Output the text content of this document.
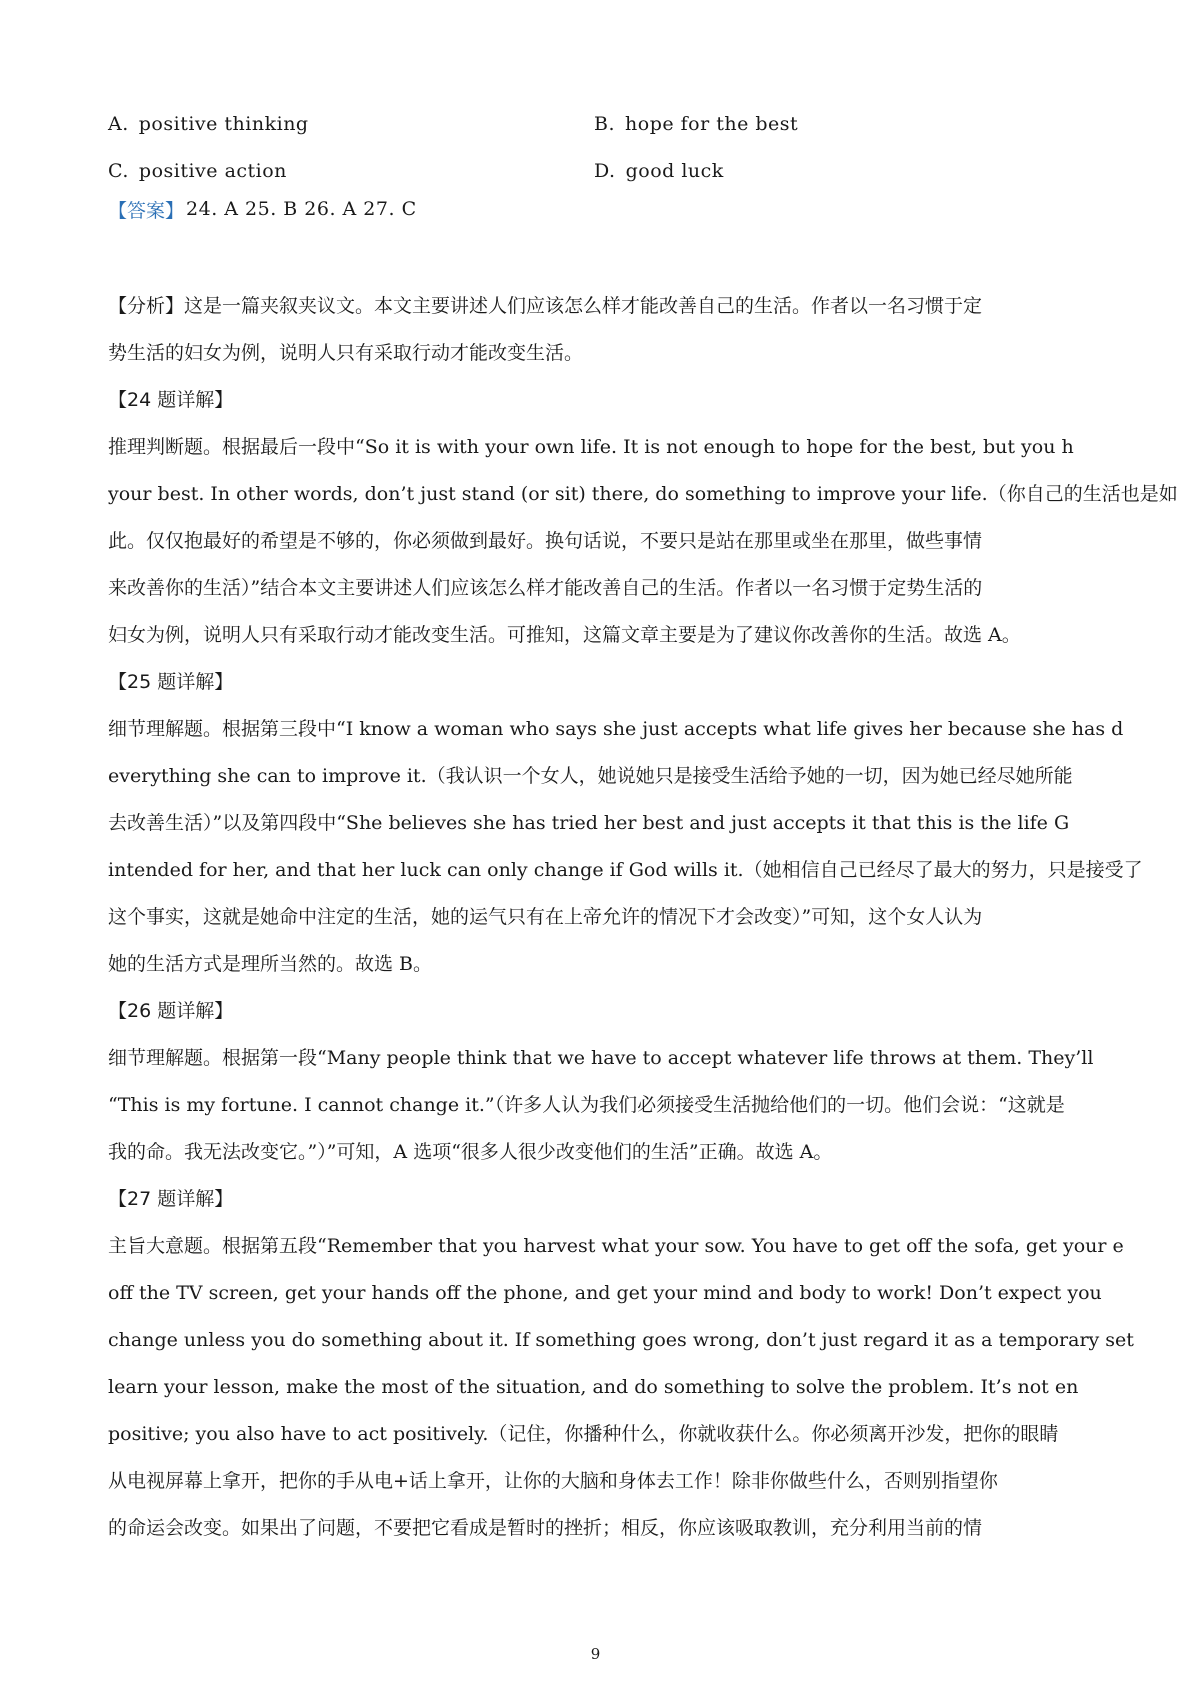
A. positive thinking	B. hope for the best
C. positive action	D. good luck
【答案】 24. A 25. B 26. A 27. C
【分析】这是一篇夹叙夹议文。本文主要讲述人们应该怎么样才能改善自己的生活。作者以一名习惯于定
势生活的妇女为例，说明人只有采取行动才能改变生活。
【24 题详解】
推理判断题。根据最后一段中“So it is with your own life. It is not enough to hope for the best, but you h
your best. In other words, don’t just stand (or sit) there, do something to improve your life.（你自己的生活也是如
此。仅仅抱最好的希望是不够的，你必须做到最好。换句话说，不要只是站在那里或坐在那里，做些事情
来改善你的生活）”结合本文主要讲述人们应该怎么样才能改善自己的生活。作者以一名习惯于定势生活的
妇女为例，说明人只有采取行动才能改变生活。可推知，这篇文章主要是为了建议你改善你的生活。故选 A。
【25 题详解】
细节理解题。根据第三段中“I know a woman who says she just accepts what life gives her because she has d
everything she can to improve it.（我认识一个女人，她说她只是接受生活给予她的一切，因为她已经尽她所能
去改善生活）”以及第四段中“She believes she has tried her best and just accepts it that this is the life G
intended for her, and that her luck can only change if God wills it.（她相信自己已经尽了最大的努力，只是接受了
这个事实，这就是她命中注定的生活，她的运气只有在上帝允许的情况下才会改变）”可知，这个女人认为
她的生活方式是理所当然的。故选 B。
【26 题详解】
细节理解题。根据第一段“Many people think that we have to accept whatever life throws at them. They’ll
“This is my fortune. I cannot change it.”（许多人认为我们必须接受生活抛给他们的一切。他们会说：“这就是
我的命。我无法改变它。”）”可知，A 选项“很多人很少改变他们的生活”正确。故选 A。
【27 题详解】
主旨大意题。根据第五段“Remember that you harvest what your sow. You have to get off the sofa, get your e
off the TV screen, get your hands off the phone, and get your mind and body to work! Don’t expect you
change unless you do something about it. If something goes wrong, don’t just regard it as a temporary set
learn your lesson, make the most of the situation, and do something to solve the problem. It’s not en
positive; you also have to act positively.（记住，你播种什么，你就收获什么。你必须离开沙发，把你的眼睛
从电视屏幕上拿开，把你的手从电+话上拿开，让你的大脑和身体去工作！除非你做些什么，否则别指望你
的命运会改变。如果出了问题，不要把它看成是暂时的挫折；相反，你应该吸取教训，充分利用当前的情
9
